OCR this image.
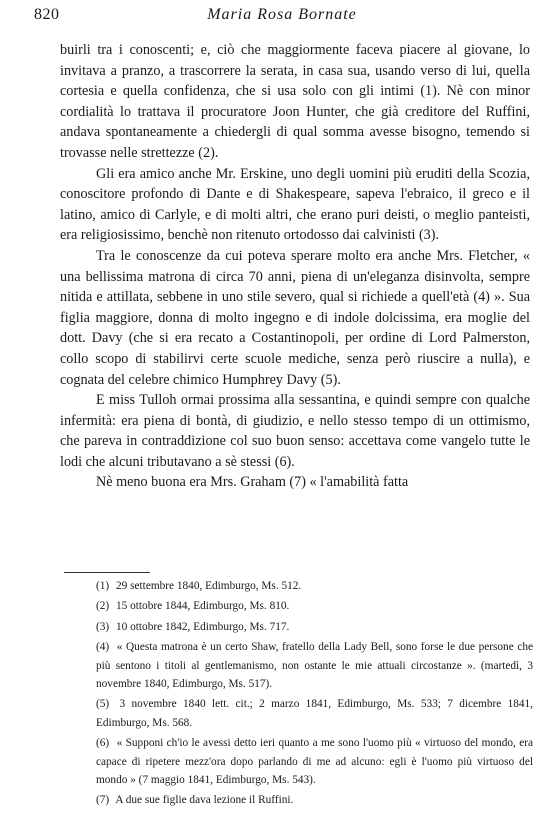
820	Maria Rosa Bornate

buirli tra i conoscenti; e, ciò che maggiormente faceva piacere al giovane, lo invitava a pranzo, a trascorrere la serata, in casa sua, usando verso di lui, quella cortesia e quella confidenza, che si usa solo con gli intimi (1). Nè con minor cordialità lo trattava il procuratore Joon Hunter, che già creditore del Ruffini, andava spontaneamente a chiedergli di qual somma avesse bisogno, temendo si trovasse nelle strettezze (2).

Gli era amico anche Mr. Erskine, uno degli uomini più eruditi della Scozia, conoscitore profondo di Dante e di Shakespeare, sapeva l'ebraico, il greco e il latino, amico di Carlyle, e di molti altri, che erano puri deisti, o meglio panteisti, era religiosissimo, benchè non ritenuto ortodosso dai calvinisti (3).

Tra le conoscenze da cui poteva sperare molto era anche Mrs. Fletcher, « una bellissima matrona di circa 70 anni, piena di un'eleganza disinvolta, sempre nitida e attillata, sebbene in uno stile severo, qual si richiede a quell'età (4) ». Sua figlia maggiore, donna di molto ingegno e di indole dolcissima, era moglie del dott. Davy (che si era recato a Costantinopoli, per ordine di Lord Palmerston, collo scopo di stabilirvi certe scuole mediche, senza però riuscire a nulla), e cognata del celebre chimico Humphrey Davy (5).

E miss Tulloh ormai prossima alla sessantina, e quindi sempre con qualche infermità: era piena di bontà, di giudizio, e nello stesso tempo di un ottimismo, che pareva in contraddizione col suo buon senso: accettava come vangelo tutte le lodi che alcuni tributavano a sè stessi (6).

Nè meno buona era Mrs. Graham (7) « l'amabilità fatta

(1) 29 settembre 1840, Edimburgo, Ms. 512.

(2) 15 ottobre 1844, Edimburgo, Ms. 810.

(3) 10 ottobre 1842, Edimburgo, Ms. 717.

(4) « Questa matrona è un certo Shaw, fratello della Lady Bell, sono forse le due persone che più sentono i titoli al gentlemanismo, non ostante le mie attuali circostanze ». (martedì, 3 novembre 1840, Edimburgo, Ms. 517).

(5) 3 novembre 1840 lett. cit.; 2 marzo 1841, Edimburgo, Ms. 533; 7 dicembre 1841, Edimburgo, Ms. 568.

(6) « Supponi ch'io le avessi detto ieri quanto a me sono l'uomo più « virtuoso del mondo, era capace di ripetere mezz'ora dopo parlando di me ad alcuno: egli è l'uomo più virtuoso del mondo » (7 maggio 1841, Edimburgo, Ms. 543).

(7) A due sue figlie dava lezione il Ruffini.
